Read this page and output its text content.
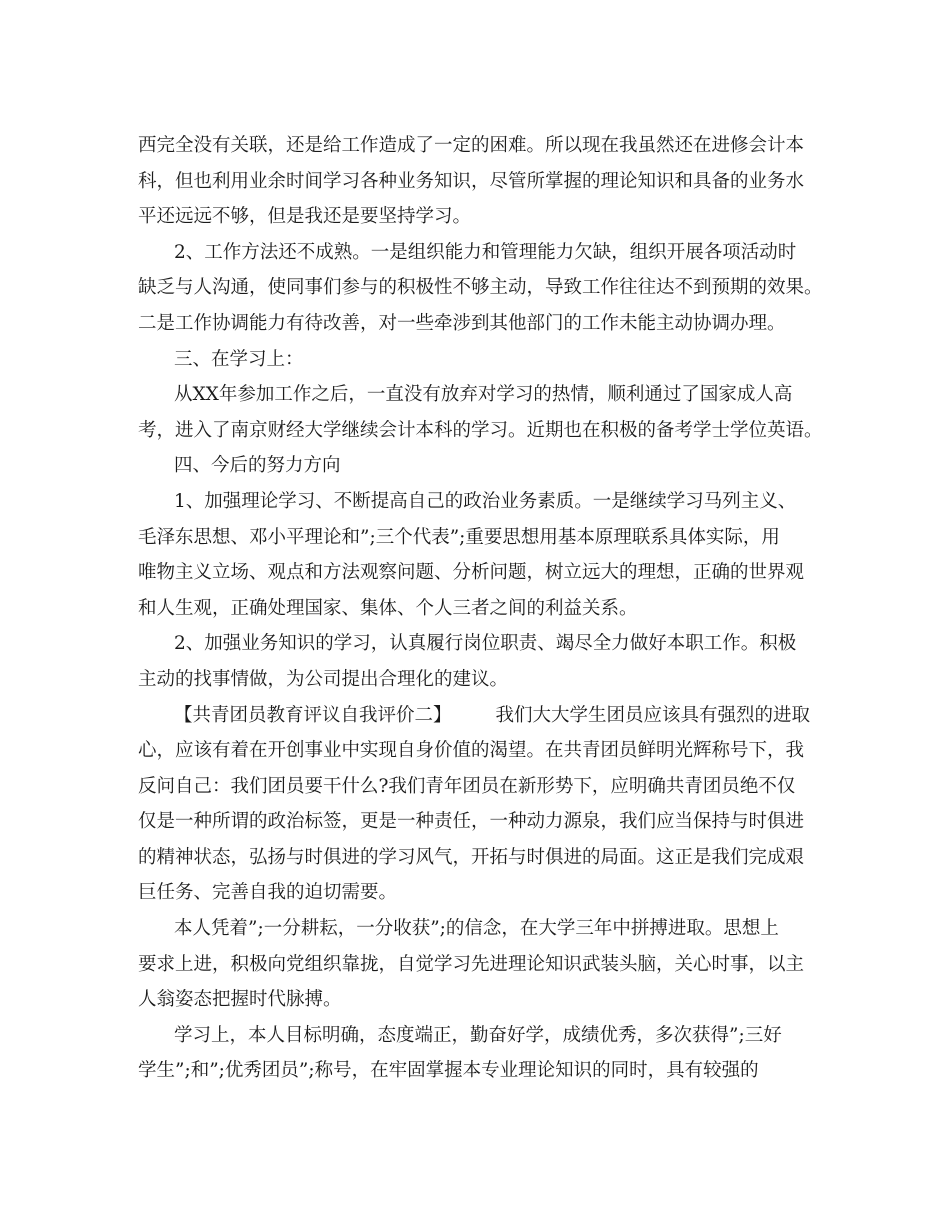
西完全没有关联，还是给工作造成了一定的困难。所以现在我虽然还在进修会计本
科，但也利用业余时间学习各种业务知识，尽管所掌握的理论知识和具备的业务水
平还远远不够，但是我还是要坚持学习。
2、工作方法还不成熟。一是组织能力和管理能力欠缺，组织开展各项活动时
缺乏与人沟通，使同事们参与的积极性不够主动，导致工作往往达不到预期的效果。
二是工作协调能力有待改善，对一些牵涉到其他部门的工作未能主动协调办理。
三、在学习上：
从XX年参加工作之后，一直没有放弃对学习的热情，顺利通过了国家成人高
考，进入了南京财经大学继续会计本科的学习。近期也在积极的备考学士学位英语。
四、今后的努力方向
1、加强理论学习、不断提高自己的政治业务素质。一是继续学习马列主义、
毛泽东思想、邓小平理论和”;三个代表”;重要思想用基本原理联系具体实际，用
唯物主义立场、观点和方法观察问题、分析问题，树立远大的理想，正确的世界观
和人生观，正确处理国家、集体、个人三者之间的利益关系。
2、加强业务知识的学习，认真履行岗位职责、竭尽全力做好本职工作。积极
主动的找事情做，为公司提出合理化的建议。
【共青团员教育评议自我评价二】 我们大大学生团员应该具有强烈的进取
心，应该有着在开创事业中实现自身价值的渴望。在共青团员鲜明光辉称号下，我
反问自己：我们团员要干什么?我们青年团员在新形势下，应明确共青团员绝不仅
仅是一种所谓的政治标签，更是一种责任，一种动力源泉，我们应当保持与时俱进
的精神状态，弘扬与时俱进的学习风气，开拓与时俱进的局面。这正是我们完成艰
巨任务、完善自我的迫切需要。
本人凭着”;一分耕耘，一分收获”;的信念，在大学三年中拼搏进取。思想上
要求上进，积极向党组织靠拢，自觉学习先进理论知识武装头脑，关心时事，以主
人翁姿态把握时代脉搏。
学习上，本人目标明确，态度端正，勤奋好学，成绩优秀，多次获得”;三好
学生”;和”;优秀团员”;称号，在牢固掌握本专业理论知识的同时，具有较强的
